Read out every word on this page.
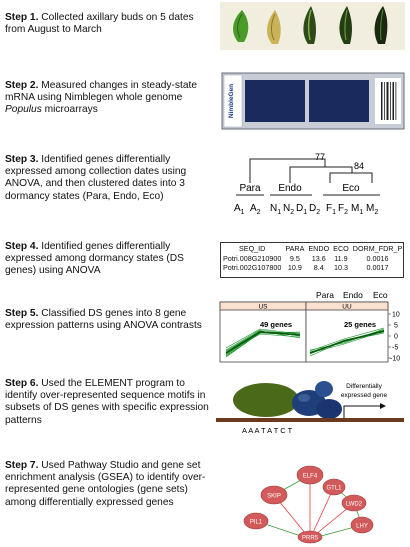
Step 1. Collected axillary buds on 5 dates from August to March
Step 2. Measured changes in steady-state mRNA using Nimblegen whole genome Populus microarrays
Step 3. Identified genes differentially expressed among collection dates using ANOVA, and then clustered dates into 3 dormancy states (Para, Endo, Eco)
Step 4. Identified genes differentially expressed among dormancy states (DS genes) using ANOVA
Step 5. Classified DS genes into 8 gene expression patterns using ANOVA contrasts
Step 6. Used the ELEMENT program to identify over-represented sequence motifs in subsets of DS genes with specific expression patterns
Step 7. Used Pathway Studio and gene set enrichment analysis (GSEA) to identify over-represented gene ontologies (gene sets) among differentially expressed genes
NimbleGen
77
84
Para Endo	Eco
$A_1$ $A_2$ $N_1$ $N_2$ $D_1$ $D_2$ $F_1$ $F_2$ $M_1$ $M_2$
SEQ_ID	PARA	ENDO	ECO	DORM_FDR_P
Potri.008G210900	9.5	13.6	11.9	0.0016
Potri.002G107800	10.9	8.4	10.3	0.0017
Para Endo Eco
US
49 genes
UU
25 genes
10
5
0
-5
-10
Differentially
expressed gene
A A A T A T C T
ELF4
SKIP
GTL1
LWD2
LHY
PIL1
PRR5
